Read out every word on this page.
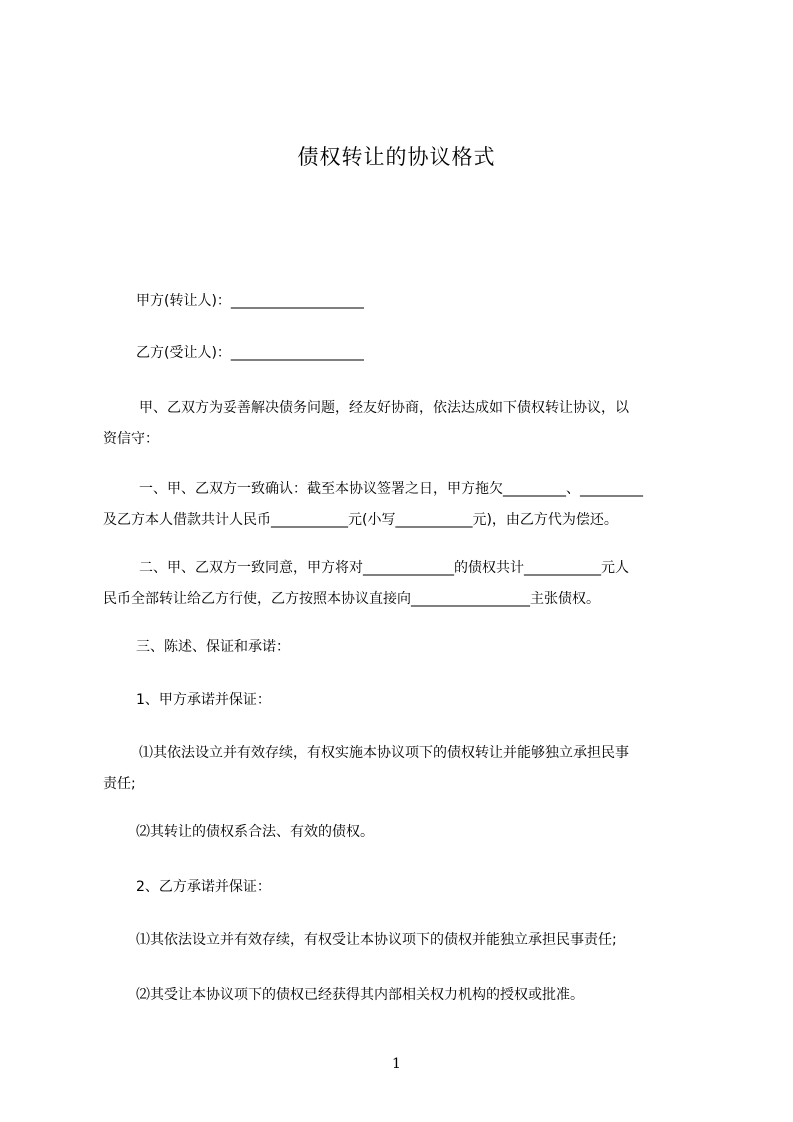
债权转让的协议格式
甲方(转让人)：___________________
乙方(受让人)：___________________
甲、乙双方为妥善解决债务问题，经友好协商，依法达成如下债权转让协议，以
资信守：
一、甲、乙双方一致确认：截至本协议签署之日，甲方拖欠_________、_________
及乙方本人借款共计人民币___________元(小写___________元)，由乙方代为偿还。
二、甲、乙双方一致同意，甲方将对_____________的债权共计___________元人
民币全部转让给乙方行使，乙方按照本协议直接向_________________主张债权。
三、陈述、保证和承诺：
1、甲方承诺并保证：
⑴其依法设立并有效存续，有权实施本协议项下的债权转让并能够独立承担民事
责任;
⑵其转让的债权系合法、有效的债权。
2、乙方承诺并保证：
⑴其依法设立并有效存续，有权受让本协议项下的债权并能独立承担民事责任;
⑵其受让本协议项下的债权已经获得其内部相关权力机构的授权或批准。
1
